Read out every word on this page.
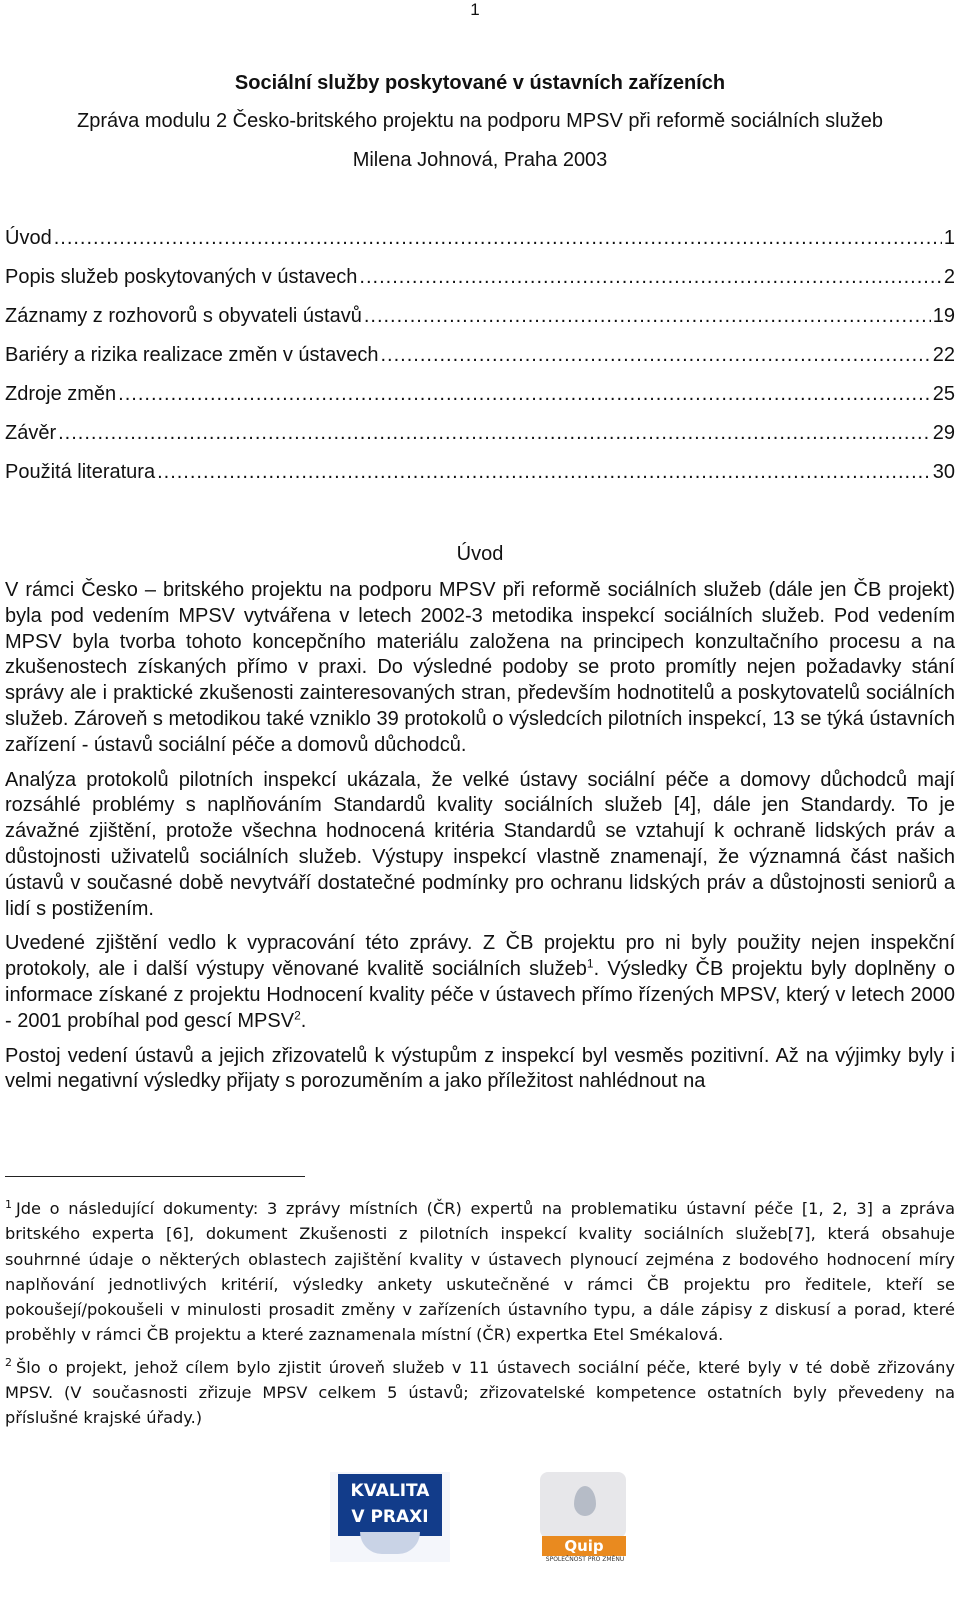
1
Sociální služby poskytované v ústavních zařízeních
Zpráva modulu 2 Česko-britského projektu na podporu MPSV při reformě sociálních služeb
Milena Johnová, Praha 2003
Úvod .....	1
Popis služeb poskytovaných v ústavech .....	2
Záznamy z rozhovorů s obyvateli ústavů .....	19
Bariéry a rizika realizace změn v ústavech .....	22
Zdroje změn .....	25
Závěr .....	29
Použitá literatura .....	30
Úvod

V rámci Česko – britského projektu na podporu MPSV při reformě sociálních služeb (dále jen ČB projekt) byla pod vedením MPSV vytvářena v letech 2002-3 metodika inspekcí sociálních služeb. Pod vedením MPSV byla tvorba tohoto koncepčního materiálu založena na principech konzultačního procesu a na zkušenostech získaných přímo v praxi. Do výsledné podoby se proto promítly nejen požadavky stání správy ale i praktické zkušenosti zainteresovaných stran, především hodnotitelů a poskytovatelů sociálních služeb. Zároveň s metodikou také vzniklo 39 protokolů o výsledcích pilotních inspekcí, 13 se týká ústavních zařízení - ústavů sociální péče a domovů důchodců.

Analýza protokolů pilotních inspekcí ukázala, že velké ústavy sociální péče a domovy důchodců mají rozsáhlé problémy s naplňováním Standardů kvality sociálních služeb [4], dále jen Standardy. To je závažné zjištění, protože všechna hodnocená kritéria Standardů se vztahují k ochraně lidských práv a důstojnosti uživatelů sociálních služeb. Výstupy inspekcí vlastně znamenají, že významná část našich ústavů v současné době nevytváří dostatečné podmínky pro ochranu lidských práv a důstojnosti seniorů a lidí s postižením.

Uvedené zjištění vedlo k vypracování této zprávy. Z ČB projektu pro ni byly použity nejen inspekční protokoly, ale i další výstupy věnované kvalitě sociálních služeb$^1$. Výsledky ČB projektu byly doplněny o informace získané z projektu Hodnocení kvality péče v ústavech přímo řízených MPSV, který v letech 2000 - 2001 probíhal pod gescí MPSV$^2$.

Postoj vedení ústavů a jejich zřizovatelů k výstupům z inspekcí byl vesměs pozitivní. Až na výjimky byly i velmi negativní výsledky přijaty s porozuměním a jako příležitost nahlédnout na

$^1$ Jde o následující dokumenty: 3 zprávy místních (ČR) expertů na problematiku ústavní péče [1, 2, 3] a zpráva britského experta [6], dokument Zkušenosti z pilotních inspekcí kvality sociálních služeb[7], která obsahuje souhrnné údaje o některých oblastech zajištění kvality v ústavech plynoucí zejména z bodového hodnocení míry naplňování jednotlivých kritérií, výsledky ankety uskutečněné v rámci ČB projektu pro ředitele, kteří se pokoušejí/pokoušeli v minulosti prosadit změny v zařízeních ústavního typu, a dále zápisy z diskusí a porad, které proběhly v rámci ČB projektu a které zaznamenala místní (ČR) expertka Etel Smékalová.

$^2$ Šlo o projekt, jehož cílem bylo zjistit úroveň služeb v 11 ústavech sociální péče, které byly v té době zřizovány MPSV. (V současnosti zřizuje MPSV celkem 5 ústavů; zřizovatelské kompetence ostatních byly převedeny na příslušné krajské úřady.)

KVALITA
V PRAXI
Quip
SPOLEČNOST PRO ZMĚNU
